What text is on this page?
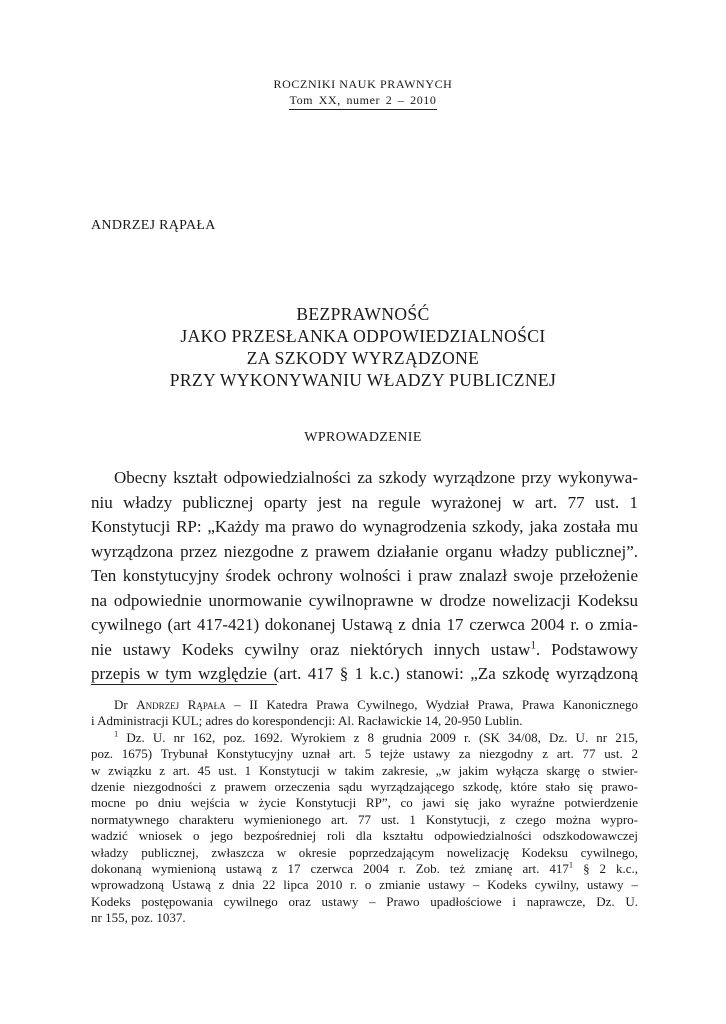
ROCZNIKI NAUK PRAWNYCH
Tom XX, numer 2 – 2010
ANDRZEJ RĄPAŁA
BEZPRAWNOŚĆ
JAKO PRZESŁANKA ODPOWIEDZIALNOŚCI
ZA SZKODY WYRZĄDZONE
PRZY WYKONYWANIU WŁADZY PUBLICZNEJ
WPROWADZENIE
Obecny kształt odpowiedzialności za szkody wyrządzone przy wykonywa-
niu władzy publicznej oparty jest na regule wyrażonej w art. 77 ust. 1
Konstytucji RP: „Każdy ma prawo do wynagrodzenia szkody, jaka została mu
wyrządzona przez niezgodne z prawem działanie organu władzy publicznej”.
Ten konstytucyjny środek ochrony wolności i praw znalazł swoje przełożenie
na odpowiednie unormowanie cywilnoprawne w drodze nowelizacji Kodeksu
cywilnego (art 417-421) dokonanej Ustawą z dnia 17 czerwca 2004 r. o zmia-
nie ustawy Kodeks cywilny oraz niektórych innych ustaw$^1$. Podstawowy
przepis w tym względzie (art. 417 § 1 k.c.) stanowi: „Za szkodę wyrządzoną
Dr Andrzej Rąpała – II Katedra Prawa Cywilnego, Wydział Prawa, Prawa Kanonicznego
i Administracji KUL; adres do korespondencji: Al. Racławickie 14, 20-950 Lublin.
$^1$ Dz. U. nr 162, poz. 1692. Wyrokiem z 8 grudnia 2009 r. (SK 34/08, Dz. U. nr 215,
poz. 1675) Trybunał Konstytucyjny uznał art. 5 tejże ustawy za niezgodny z art. 77 ust. 2
w związku z art. 45 ust. 1 Konstytucji w takim zakresie, „w jakim wyłącza skargę o stwier-
dzenie niezgodności z prawem orzeczenia sądu wyrządzającego szkodę, które stało się prawo-
mocne po dniu wejścia w życie Konstytucji RP”, co jawi się jako wyraźne potwierdzenie
normatywnego charakteru wymienionego art. 77 ust. 1 Konstytucji, z czego można wypro-
wadzić wniosek o jego bezpośredniej roli dla kształtu odpowiedzialności odszkodowawczej
władzy publicznej, zwłaszcza w okresie poprzedzającym nowelizację Kodeksu cywilnego,
dokonaną wymienioną ustawą z 17 czerwca 2004 r. Zob. też zmianę art. $417^1$ § 2 k.c.,
wprowadzoną Ustawą z dnia 22 lipca 2010 r. o zmianie ustawy – Kodeks cywilny, ustawy –
Kodeks postępowania cywilnego oraz ustawy – Prawo upadłościowe i naprawcze, Dz. U.
nr 155, poz. 1037.
